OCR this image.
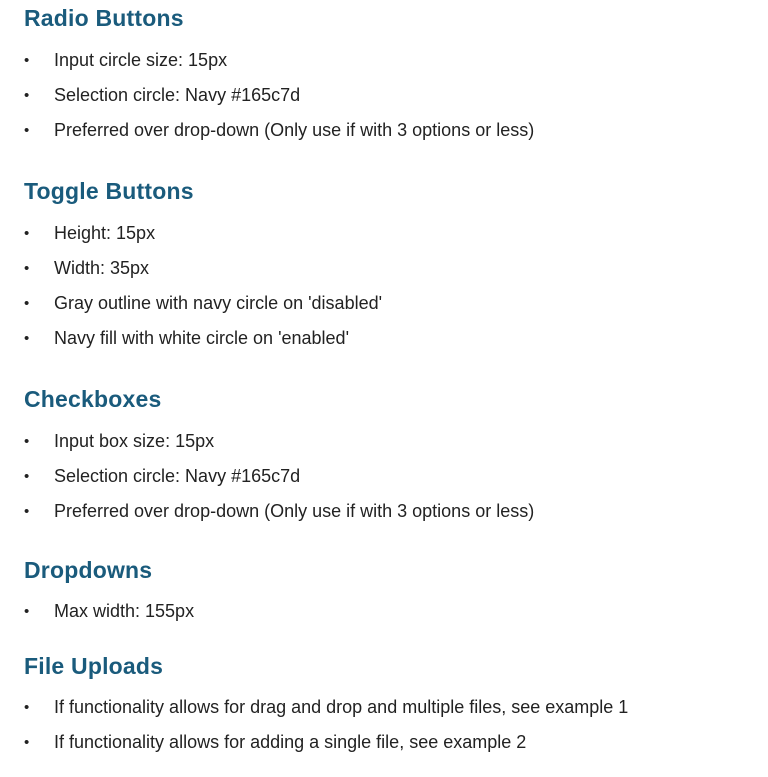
Radio Buttons
•	Input circle size: 15px
•	Selection circle: Navy #165c7d
•	Preferred over drop-down (Only use if with 3 options or less)
Toggle Buttons
•	Height: 15px
•	Width: 35px
•	Gray outline with navy circle on 'disabled'
•	Navy fill with white circle on 'enabled'
Checkboxes
•	Input box size: 15px
•	Selection circle: Navy #165c7d
•	Preferred over drop-down (Only use if with 3 options or less)
Dropdowns
•	Max width: 155px
File Uploads
•	If functionality allows for drag and drop and multiple files, see example 1
•	If functionality allows for adding a single file, see example 2
